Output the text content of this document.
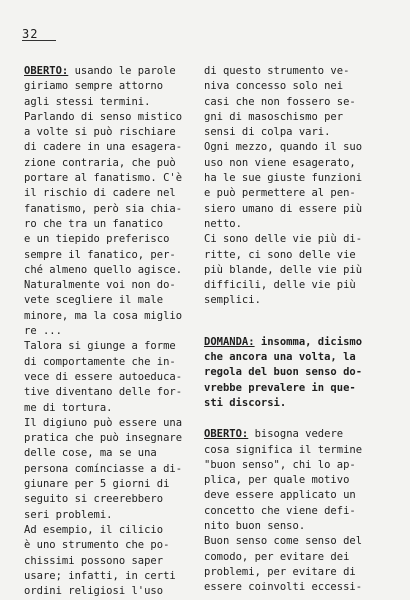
32
OBERTO: usando le parole
giriamo sempre attorno
agli stessi termini.
Parlando di senso mistico
a volte si può rischiare
di cadere in una esagera-
zione contraria, che può
portare al fanatismo. C'è
il rischio di cadere nel
fanatismo, però sia chia-
ro che tra un fanatico
e un tiepido preferisco
sempre il fanatico, per-
ché almeno quello agisce.
Naturalmente voi non do-
vete scegliere il male
minore, ma la cosa miglio
re ...
Talora si giunge a forme
di comportamente che in-
vece di essere autoeduca-
tive diventano delle for-
me di tortura.
Il digiuno può essere una
pratica che può insegnare
delle cose, ma se una
persona comínciasse a di-
giunare per 5 giorni di
seguito si creerebbero
seri problemi.
Ad esempio, il cilicio
è uno strumento che po-
chissimi possono saper
usare; infatti, in certi
ordini religiosi l'uso
di questo strumento ve-
niva concesso solo nei
casi che non fossero se-
gni di masoschismo per
sensi di colpa vari.
Ogni mezzo, quando il suo
uso non viene esagerato,
ha le sue giuste funzioni
e può permettere al pen-
siero umano di essere più
netto.
Ci sono delle vie più di-
ritte, ci sono delle vie
più blande, delle vie più
difficili, delle vie più
semplici.
DOMANDA: insomma, dicismo
che ancora una volta, la
regola del buon senso do-
vrebbe prevalere in que-
sti discorsi.
OBERTO: bisogna vedere
cosa significa il termine
"buon senso", chi lo ap-
plica, per quale motivo
deve essere applicato un
concetto che viene defi-
nito buon senso.
Buon senso come senso del
comodo, per evitare dei
problemi, per evitare di
essere coinvolti eccessi-
